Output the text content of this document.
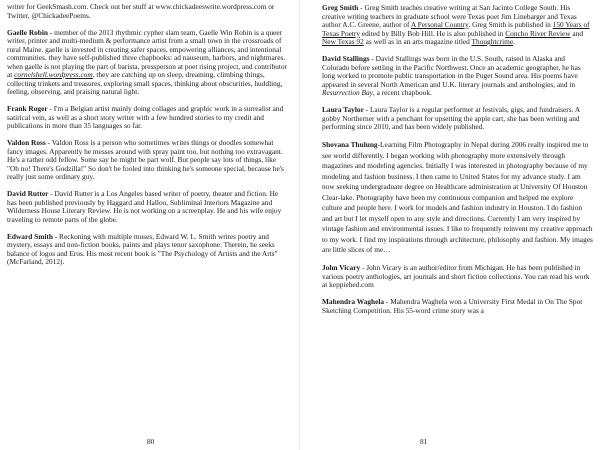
writer for GeekSmash.com. Check out her stuff at www.chickadeeswrite.wordpress.com or Twitter, @ChickadeePoems.

Gaelle Robin - member of the 2013 rhythmic cypher slam team, Gaelle Win Robin is a queer writer, printer and multi-medium & performance artist from a small town in the crossroads of rural Maine. gaelle is invested in creating safer spaces, empowering alliances, and intentional communities. they have self-published three chapbooks: ad nauseum, harbors, and nightmares. when gaelle is not playing the part of barista, pressperson at poet rising project, and contributor at cornelshell.wordpress.com, they are catching up on sleep, dreaming, climbing things, collecting trinkets and treasures, exploring small spaces, thinking about obscurities, huddling, feeling, observing, and praising natural light.

Frank Roger - I'm a Belgian artist mainly doing collages and graphic work in a surrealist and satirical vein, as well as a short story writer with a few hundred stories to my credit and publications in more than 35 languages so far.

Valdon Ross - Valdon Ross is a person who sometimes writes things or doodles somewhat fancy images. Apparently he messes around with spray paint too, but nothing too extravagant. He's a rather odd fellow. Some say he might be part wolf. But people say lots of things, like "Oh no! There's Godzilla!" So don't be fooled into thinking he's someone special, because he's really just some ordinary guy.

David Rutter - David Rutter is a Los Angeles based writer of poetry, theater and fiction. He has been published previously by Haggard and Halloo, Subliminal Interiors Magazine and Wilderness House Literary Review. He is not working on a screenplay. He and his wife enjoy traveling to remote parts of the globe.

Edward Smith - Reckoning with multiple muses, Edward W. L. Smith writes poetry and mystery, essays and non-fiction books, paints and plays tenor saxophone. Therein, he seeks balance of logos and Eros. His most recent book is "The Psychology of Artists and the Arts" (McFarland, 2012).

80

Greg Smith - Greg Smith teaches creative writing at San Jacinto College South. His creative writing teachers in graduate school were Texas poet Jim Linebarger and Texas author A.C. Greene, author of A Personal Country. Greg Smith is published in 150 Years of Texas Poetry edited by Billy Bob Hill. He is also published in Concho River Review and New Texas 92 as well as in an arts magazine titled Thoughtcrime.

David Stallings - David Stallings was born in the U.S. South, raised in Alaska and Colorado before settling in the Pacific Northwest. Once an academic geographer, he has long worked to promote public transportation in the Puget Sound area. His poems have appeared in several North American and U.K. literary journals and anthologies, and in Resurrection Bay, a recent chapbook.

Laura Taylor - Laura Taylor is a regular performer at festivals, gigs, and fundraisers. A gobby Northerner with a penchant for upsetting the apple cart, she has been writing and performing since 2010, and has been widely published.

Shovana Thulung-Learning Film Photography in Nepal during 2006 really inspired me to see world differently. I began working with photography more extensively through magazines and modeling agencies. Initially I was interested in photography because of my modeling and fashion business. I then came to United States for my advance study. I am now seeking undergraduate degree on Healthcare administration at University Of Houston Clear-lake. Photography have been my continuous companion and helped me explore culture and people here. I work for models and fashion industry in Houston. I do fashion and art but I let myself open to any style and directions. Currently I am very inspired by vintage fashion and environmental issues. I like to frequently reinvent my creative approach to my work. I find my inspirations through architecture, philosophy and fashion. My images are little slices of me…

John Vicary - John Vicary is an author/editor from Michigan. He has been published in various poetry anthologies, art journals and short fiction collections. You can read his work at keppiehed.com

Mahendra Waghela - Mahendra Waghela won a University First Medal in On The Spot Sketching Competition. His 55-word crime story was a

81
